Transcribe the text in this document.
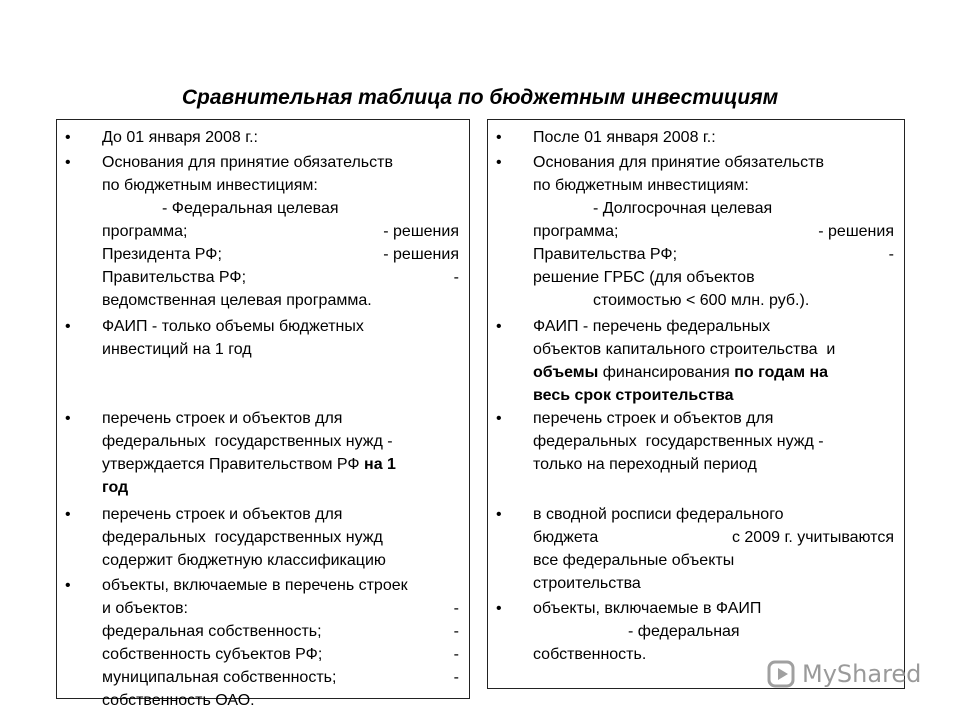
Сравнительная таблица по бюджетным инвестициям
• До 01 января 2008 г.:
• Основания для принятие обязательств
по бюджетным инвестициям:
- Федеральная целевая
программа;	- решения
Президента РФ;	- решения
Правительства РФ;	-
ведомственная целевая программа.
• ФАИП - только объемы бюджетных
инвестиций на 1 год
• перечень строек и объектов для
федеральных  государственных нужд -
утверждается Правительством РФ на 1
год
• перечень строек и объектов для
федеральных  государственных нужд
содержит бюджетную классификацию
• объекты, включаемые в перечень строек
и объектов:	-
федеральная собственность;	-
собственность субъектов РФ;	-
муниципальная собственность;	-
собственность ОАО.
• После 01 января 2008 г.:
• Основания для принятие обязательств
по бюджетным инвестициям:
- Долгосрочная целевая
программа;	- решения
Правительства РФ;	-
решение ГРБС (для объектов
стоимостью < 600 млн. руб.).
• ФАИП - перечень федеральных
объектов капитального строительства  и
объемы финансирования по годам на
весь срок строительства
• перечень строек и объектов для
федеральных  государственных нужд -
только на переходный период
• в сводной росписи федерального
бюджета	с 2009 г. учитываются
все федеральные объекты
строительства
• объекты, включаемые в ФАИП
- федеральная
собственность.
MyShared
